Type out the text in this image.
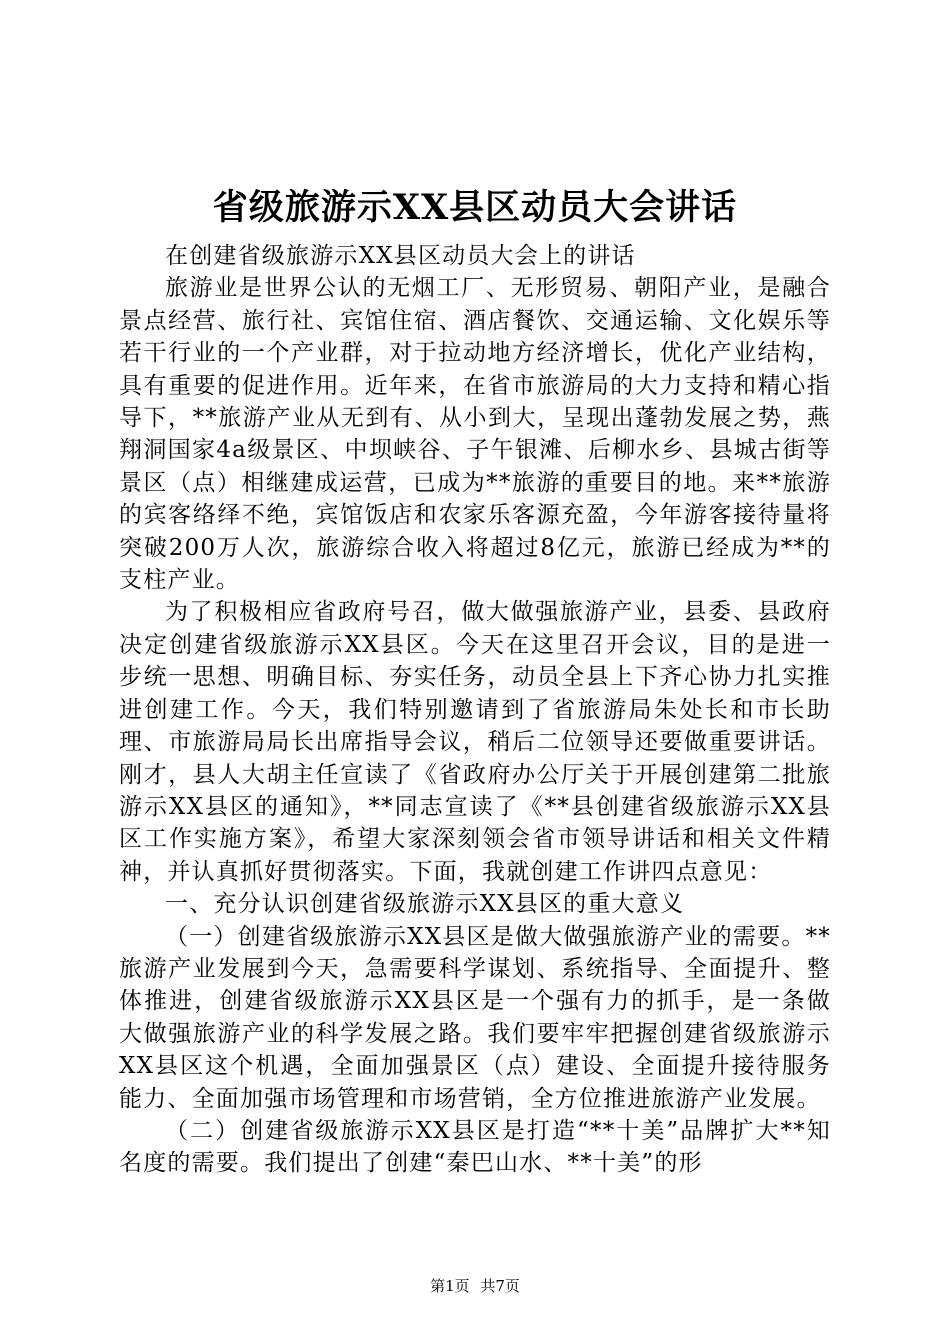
省级旅游示XX县区动员大会讲话

在创建省级旅游示XX县区动员大会上的讲话

旅游业是世界公认的无烟工厂、无形贸易、朝阳产业，是融合景点经营、旅行社、宾馆住宿、酒店餐饮、交通运输、文化娱乐等若干行业的一个产业群，对于拉动地方经济增长，优化产业结构，具有重要的促进作用。近年来，在省市旅游局的大力支持和精心指导下，**旅游产业从无到有、从小到大，呈现出蓬勃发展之势，燕翔洞国家4a级景区、中坝峡谷、子午银滩、后柳水乡、县城古街等景区（点）相继建成运营，已成为**旅游的重要目的地。来**旅游的宾客络绎不绝，宾馆饭店和农家乐客源充盈，今年游客接待量将突破200万人次，旅游综合收入将超过8亿元，旅游已经成为**的支柱产业。

为了积极相应省政府号召，做大做强旅游产业，县委、县政府决定创建省级旅游示XX县区。今天在这里召开会议，目的是进一步统一思想、明确目标、夯实任务，动员全县上下齐心协力扎实推进创建工作。今天，我们特别邀请到了省旅游局朱处长和市长助理、市旅游局局长出席指导会议，稍后二位领导还要做重要讲话。刚才，县人大胡主任宣读了《省政府办公厅关于开展创建第二批旅游示XX县区的通知》，**同志宣读了《**县创建省级旅游示XX县区工作实施方案》，希望大家深刻领会省市领导讲话和相关文件精神，并认真抓好贯彻落实。下面，我就创建工作讲四点意见：

一、充分认识创建省级旅游示XX县区的重大意义

（一）创建省级旅游示XX县区是做大做强旅游产业的需要。**旅游产业发展到今天，急需要科学谋划、系统指导、全面提升、整体推进，创建省级旅游示XX县区是一个强有力的抓手，是一条做大做强旅游产业的科学发展之路。我们要牢牢把握创建省级旅游示XX县区这个机遇，全面加强景区（点）建设、全面提升接待服务能力、全面加强市场管理和市场营销，全方位推进旅游产业发展。

（二）创建省级旅游示XX县区是打造“**十美”品牌扩大**知名度的需要。我们提出了创建“秦巴山水、**十美”的形

第1页 共7页
